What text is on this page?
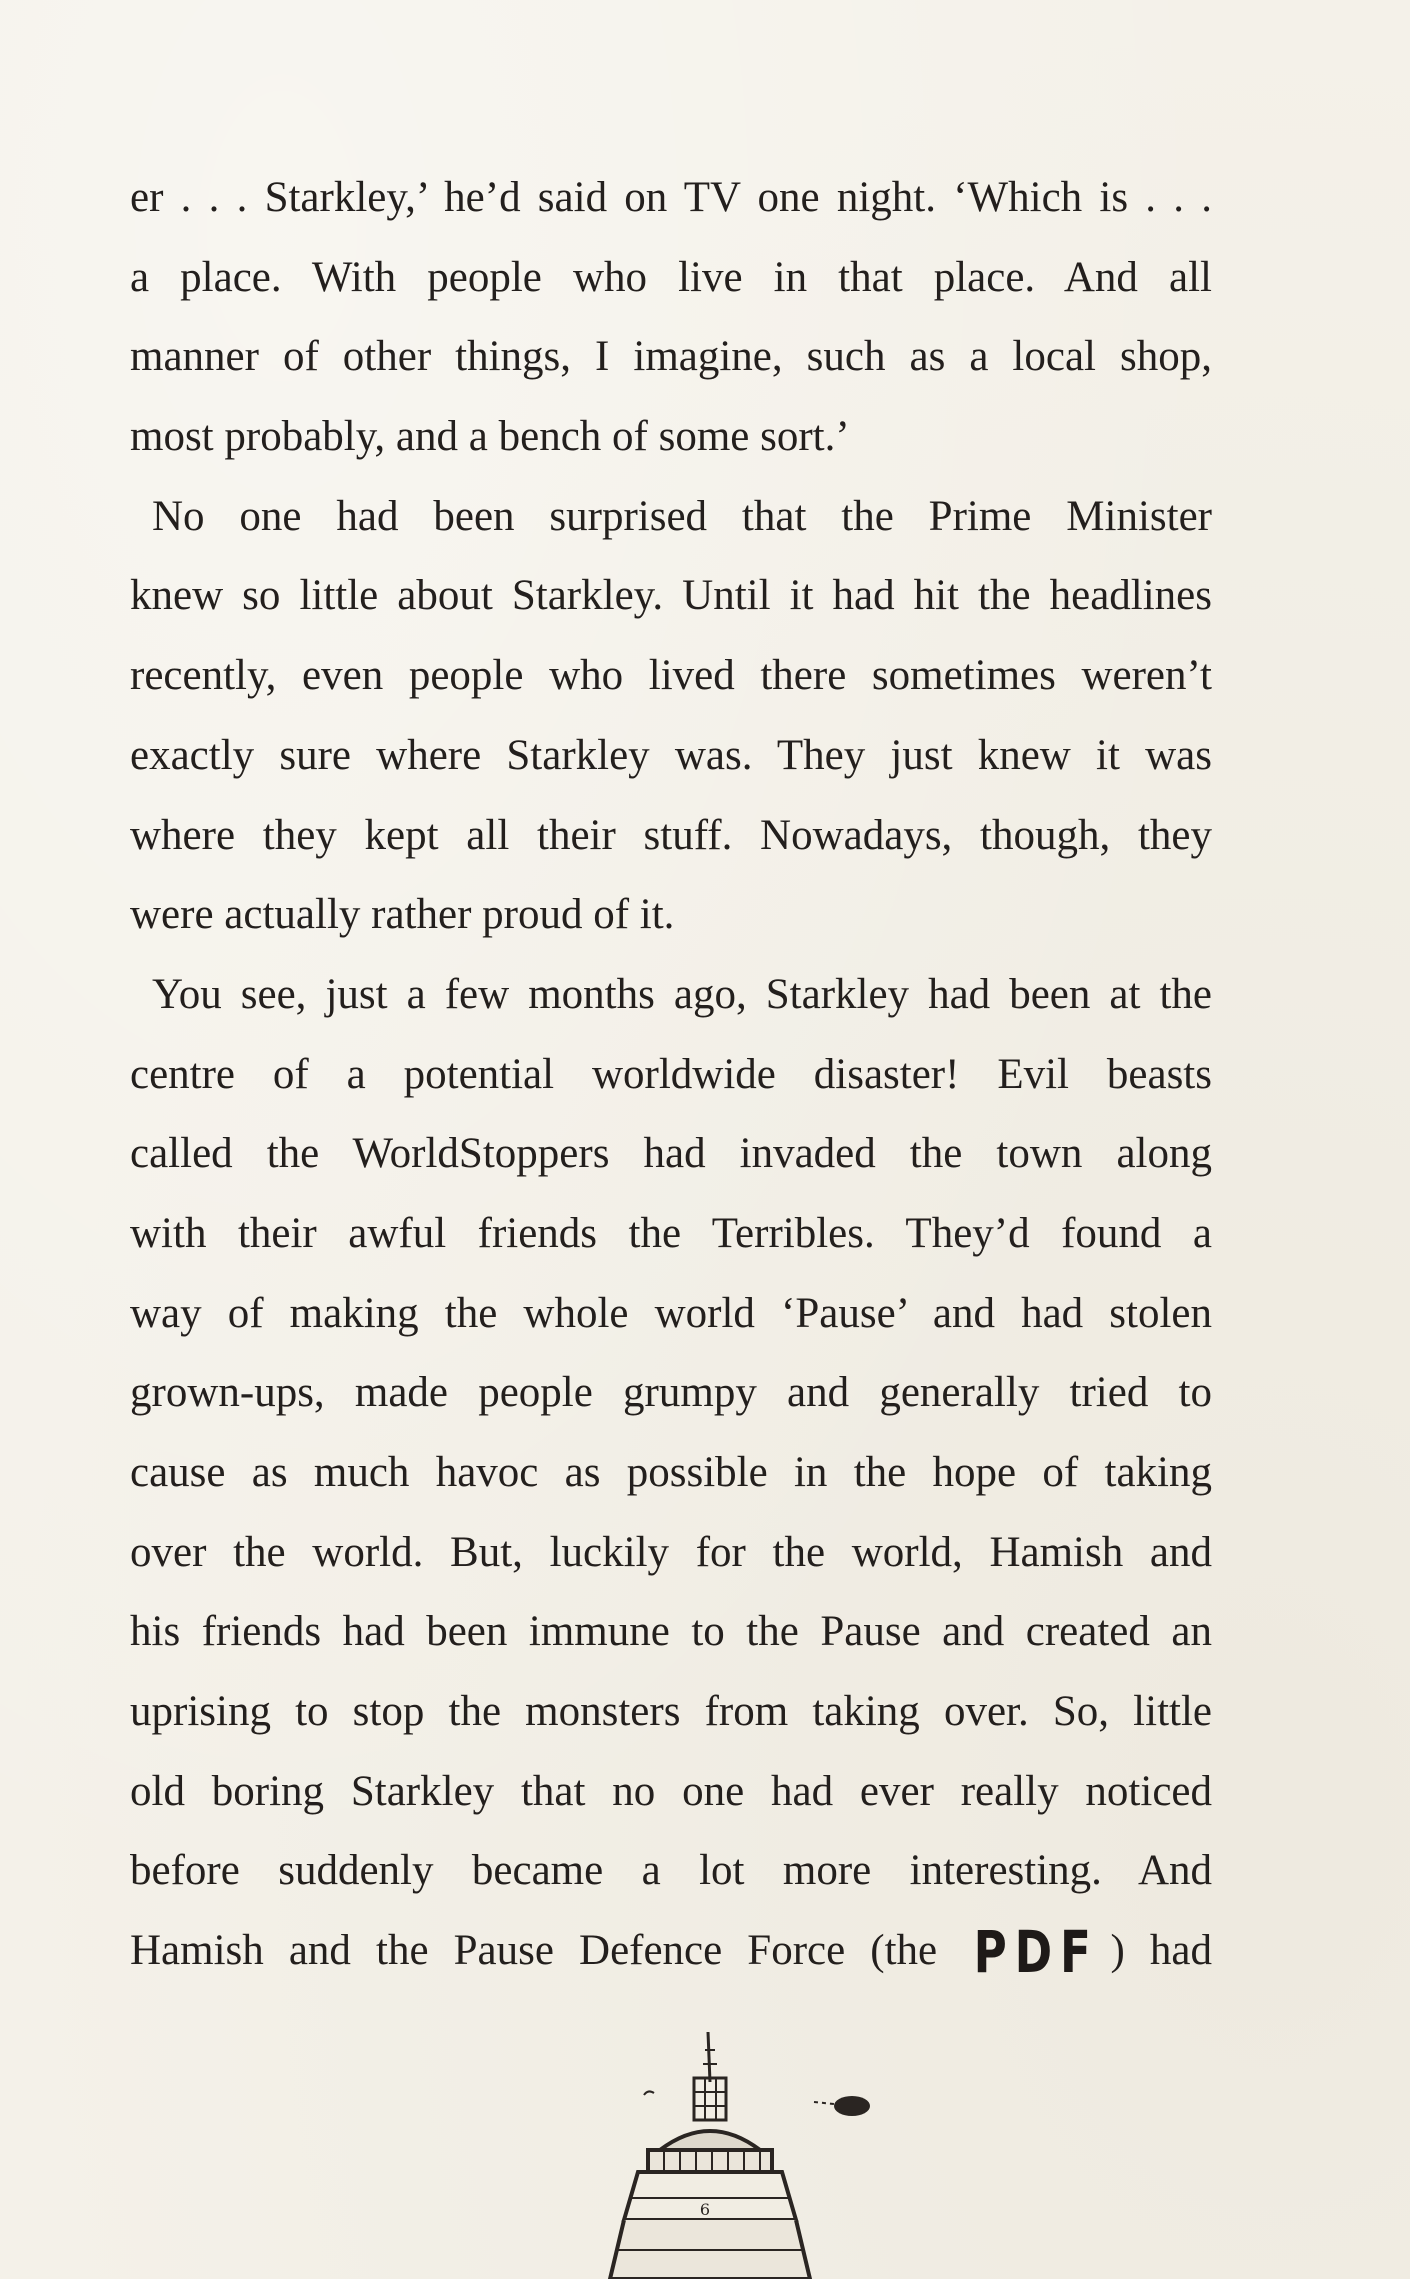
er . . . Starkley,’ he’d said on TV one night. ‘Which is . . .
a place. With people who live in that place. And all
manner of other things, I imagine, such as a local shop,
most probably, and a bench of some sort.’
No one had been surprised that the Prime Minister
knew so little about Starkley. Until it had hit the headlines
recently, even people who lived there sometimes weren’t
exactly sure where Starkley was. They just knew it was
where they kept all their stuff. Nowadays, though, they
were actually rather proud of it.
You see, just a few months ago, Starkley had been at the
centre of a potential worldwide disaster! Evil beasts
called the WorldStoppers had invaded the town along
with their awful friends the Terribles. They’d found a
way of making the whole world ‘Pause’ and had stolen
grown-ups, made people grumpy and generally tried to
cause as much havoc as possible in the hope of taking
over the world. But, luckily for the world, Hamish and
his friends had been immune to the Pause and created an
uprising to stop the monsters from taking over. So, little
old boring Starkley that no one had ever really noticed
before suddenly became a lot more interesting. And
Hamish and the Pause Defence Force (the PDF ) had
6
